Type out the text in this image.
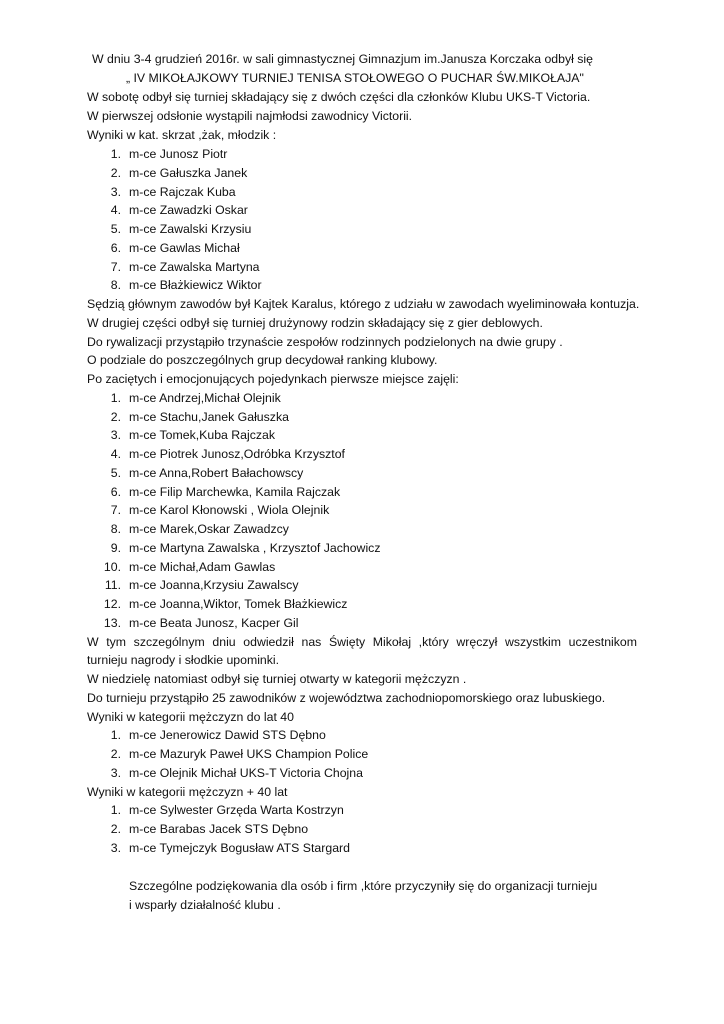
W dniu 3-4 grudzień 2016r. w sali gimnastycznej Gimnazjum im.Janusza Korczaka odbył się
„ IV MIKOŁAJKOWY TURNIEJ TENISA STOŁOWEGO O PUCHAR ŚW.MIKOŁAJA"
W sobotę odbył się turniej składający się z dwóch części dla członków Klubu UKS-T Victoria.
W pierwszej odsłonie wystąpili najmłodsi zawodnicy Victorii.
Wyniki w kat. skrzat ,żak, młodzik :
1. m-ce Junosz Piotr
2. m-ce Gałuszka Janek
3. m-ce Rajczak Kuba
4. m-ce Zawadzki Oskar
5. m-ce Zawalski Krzysiu
6. m-ce Gawlas Michał
7. m-ce Zawalska Martyna
8. m-ce Błażkiewicz Wiktor
Sędzią głównym zawodów był Kajtek Karalus, którego z udziału w zawodach wyeliminowała kontuzja.
W drugiej części odbył się turniej drużynowy rodzin składający się z gier deblowych.
Do rywalizacji przystąpiło trzynaście zespołów rodzinnych podzielonych na dwie grupy .
O podziale do poszczególnych grup decydował ranking klubowy.
Po zaciętych i emocjonujących pojedynkach pierwsze miejsce zajęli:
1. m-ce Andrzej,Michał Olejnik
2. m-ce Stachu,Janek Gałuszka
3. m-ce Tomek,Kuba Rajczak
4. m-ce Piotrek Junosz,Odróbka Krzysztof
5. m-ce Anna,Robert Bałachowscy
6. m-ce Filip Marchewka, Kamila Rajczak
7. m-ce Karol Kłonowski , Wiola Olejnik
8. m-ce Marek,Oskar Zawadzcy
9. m-ce Martyna Zawalska , Krzysztof Jachowicz
10. m-ce Michał,Adam Gawlas
11. m-ce Joanna,Krzysiu Zawalscy
12. m-ce Joanna,Wiktor, Tomek Błażkiewicz
13. m-ce Beata Junosz, Kacper Gil
W tym szczególnym dniu odwiedził nas Święty Mikołaj ,który wręczył wszystkim uczestnikom
turnieju nagrody i słodkie upominki.
W niedzielę natomiast odbył się turniej otwarty w kategorii mężczyzn .
Do turnieju przystąpiło 25 zawodników z województwa zachodniopomorskiego oraz lubuskiego.
Wyniki w kategorii mężczyzn do lat 40
1. m-ce Jenerowicz Dawid STS Dębno
2. m-ce Mazuryk Paweł UKS Champion Police
3. m-ce Olejnik Michał UKS-T Victoria Chojna
Wyniki w kategorii mężczyzn + 40 lat
1. m-ce Sylwester Grzęda Warta Kostrzyn
2. m-ce Barabas Jacek STS Dębno
3. m-ce Tymejczyk Bogusław ATS Stargard
Szczególne podziękowania dla osób i firm ,które przyczyniły się do organizacji turnieju
i wsparły działalność klubu .
